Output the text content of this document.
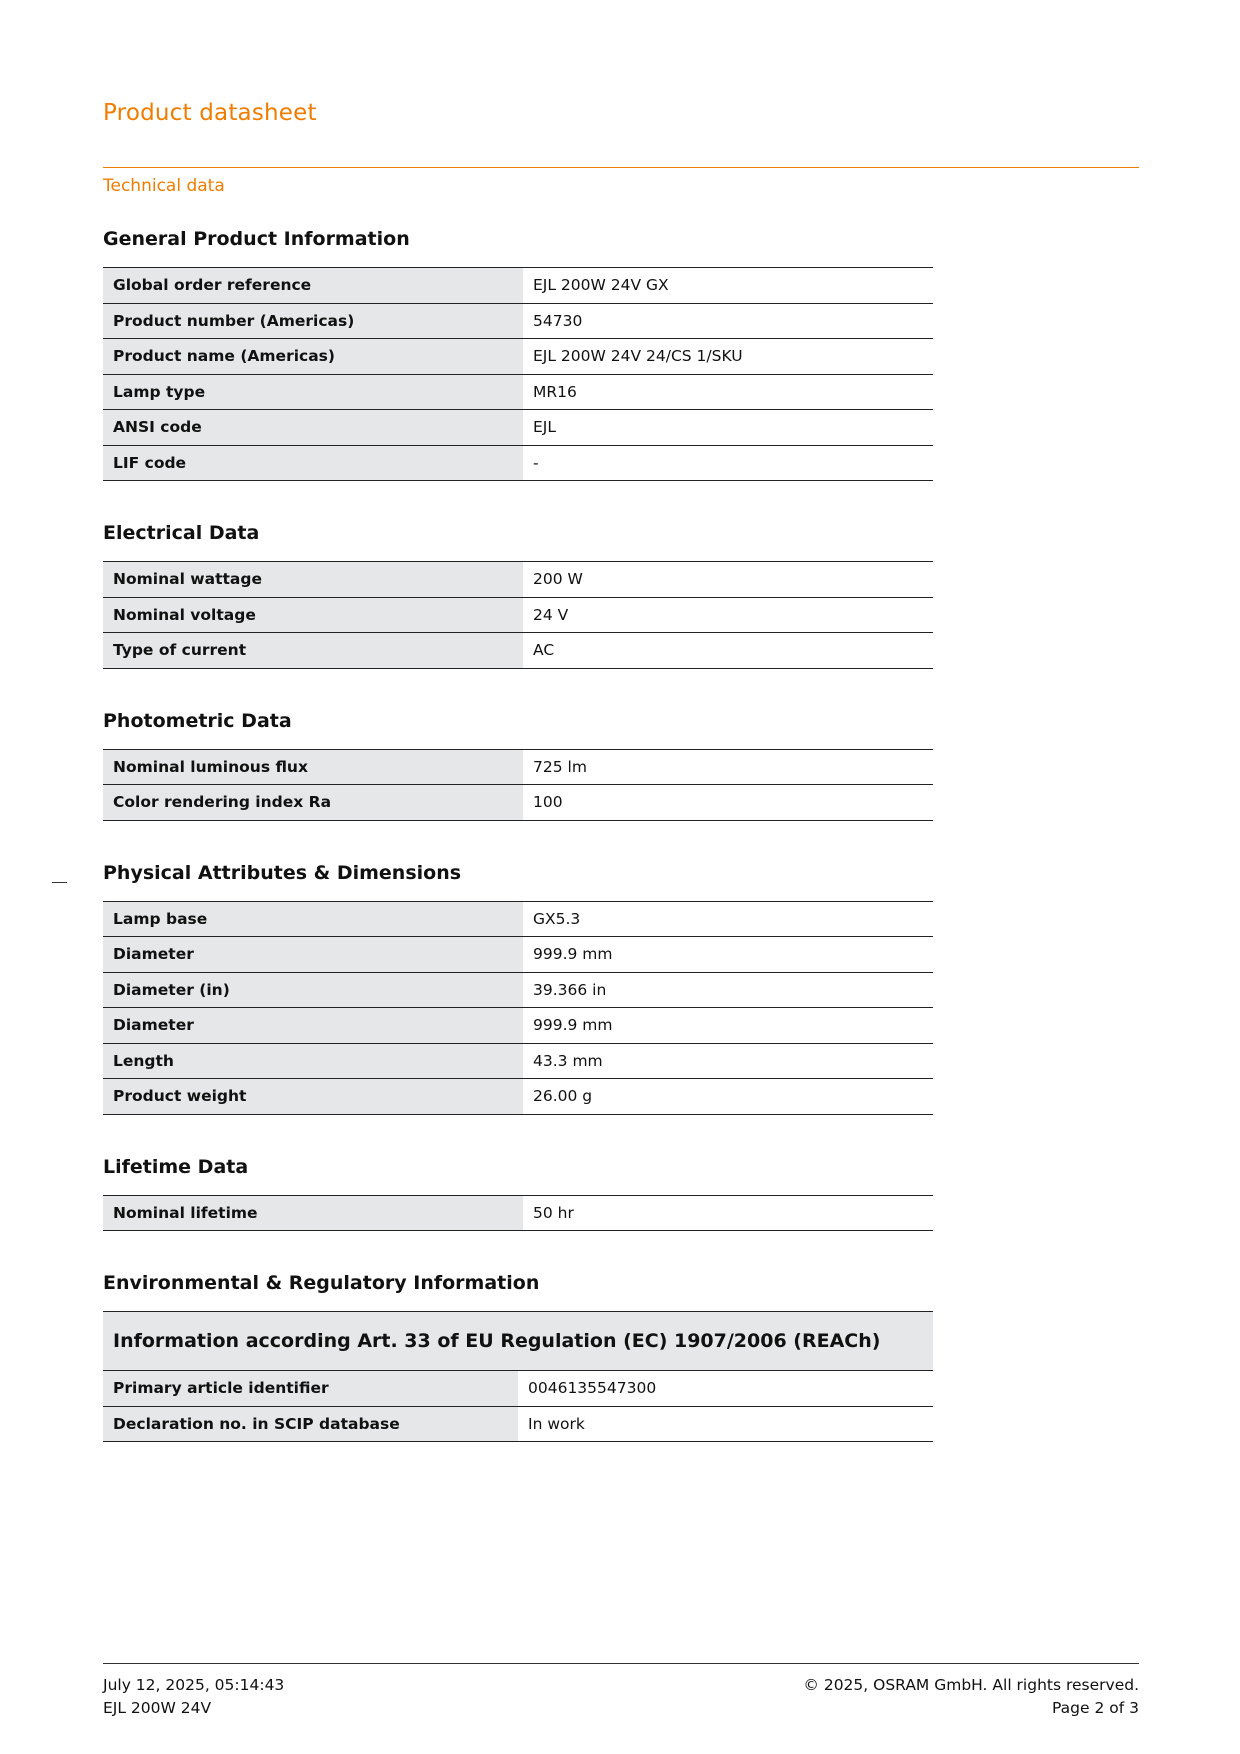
Product datasheet
Technical data
General Product Information
Global order reference	EJL 200W 24V GX
Product number (Americas)	54730
Product name (Americas)	EJL 200W 24V 24/CS 1/SKU
Lamp type	MR16
ANSI code	EJL
LIF code	-
Electrical Data
Nominal wattage	200 W
Nominal voltage	24 V
Type of current	AC
Photometric Data
Nominal luminous flux	725 lm
Color rendering index Ra	100
Physical Attributes & Dimensions
Lamp base	GX5.3
Diameter	999.9 mm
Diameter (in)	39.366 in
Diameter	999.9 mm
Length	43.3 mm
Product weight	26.00 g
Lifetime Data
Nominal lifetime	50 hr
Environmental & Regulatory Information
Information according Art. 33 of EU Regulation (EC) 1907/2006 (REACh)	
Primary article identifier	0046135547300
Declaration no. in SCIP database	In work
July 12, 2025, 05:14:43
EJL 200W 24V
© 2025, OSRAM GmbH. All rights reserved.
Page 2 of 3
